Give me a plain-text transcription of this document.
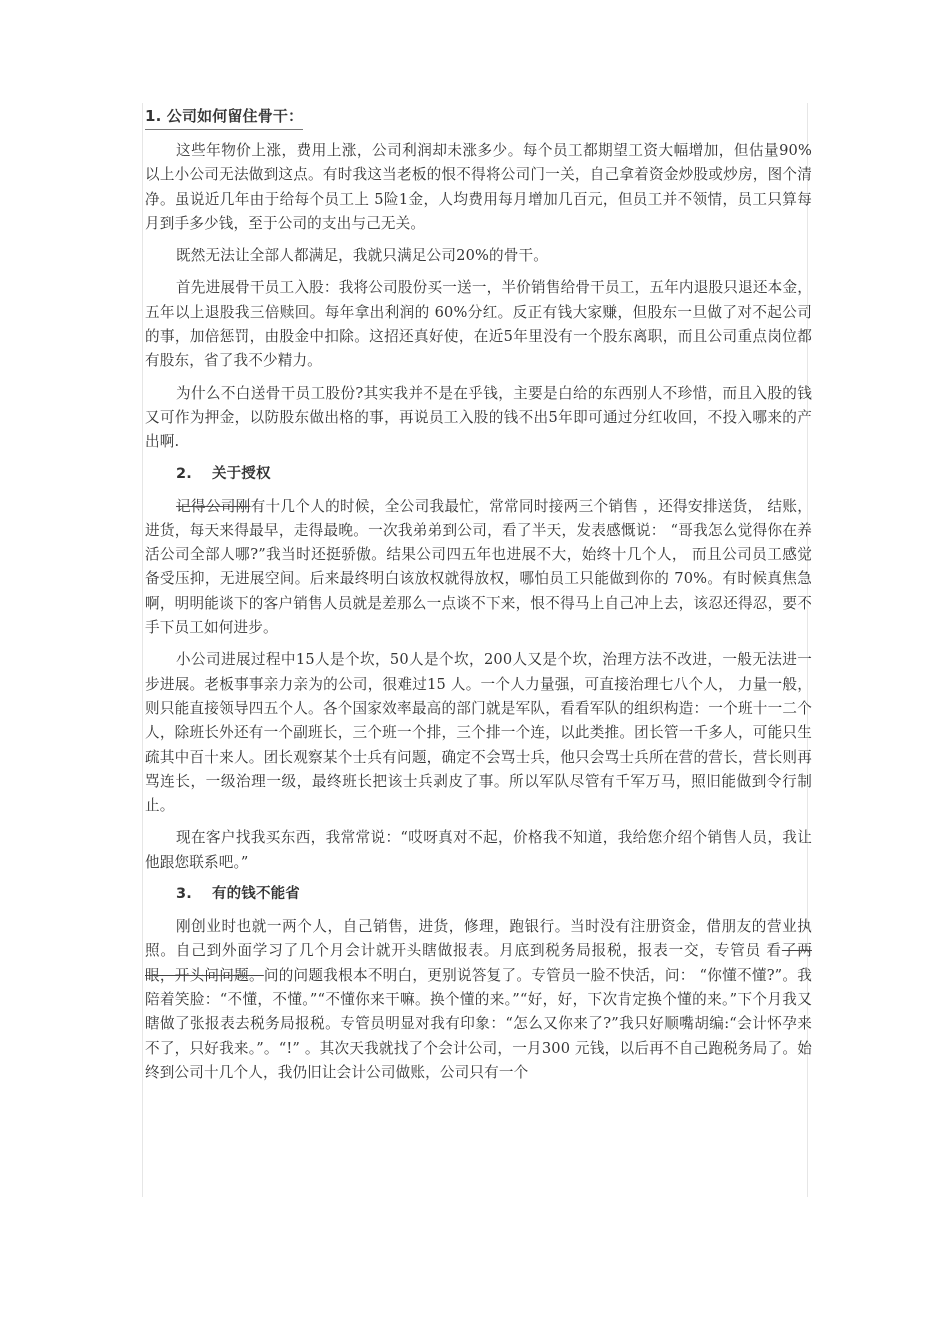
1. 公司如何留住骨干：

这些年物价上涨，费用上涨，公司利润却未涨多少。每个员工都期望工资大幅增加，但估量90%以上小公司无法做到这点。有时我这当老板的恨不得将公司门一关，自己拿着资金炒股或炒房，图个清净。虽说近几年由于给每个员工上 5险1金，人均费用每月增加几百元，但员工并不领情，员工只算每月到手多少钱，至于公司的支出与己无关。

既然无法让全部人都满足，我就只满足公司20%的骨干。

首先进展骨干员工入股：我将公司股份买一送一，半价销售给骨干员工，五年内退股只退还本金，五年以上退股我三倍赎回。每年拿出利润的 60%分红。反正有钱大家赚，但股东一旦做了对不起公司的事，加倍惩罚，由股金中扣除。这招还真好使，在近5年里没有一个股东离职，而且公司重点岗位都有股东，省了我不少精力。

为什么不白送骨干员工股份?其实我并不是在乎钱，主要是白给的东西别人不珍惜，而且入股的钱又可作为押金，以防股东做出格的事，再说员工入股的钱不出5年即可通过分红收回，不投入哪来的产出啊.

2. 关于授权

记得公司刚有十几个人的时候，全公司我最忙，常常同时接两三个销售 ，还得安排送货， 结账，进货，每天来得最早，走得最晚。一次我弟弟到公司，看了半天，发表感慨说： “哥我怎么觉得你在养活公司全部人哪?”我当时还挺骄傲。结果公司四五年也进展不大，始终十几个人， 而且公司员工感觉备受压抑，无进展空间。后来最终明白该放权就得放权，哪怕员工只能做到你的 70%。有时候真焦急啊，明明能谈下的客户销售人员就是差那么一点谈不下来，恨不得马上自己冲上去，该忍还得忍，要不手下员工如何进步。

小公司进展过程中15人是个坎，50人是个坎，200人又是个坎，治理方法不改进，一般无法进一步进展。老板事事亲力亲为的公司，很难过15 人。一个人力量强，可直接治理七八个人， 力量一般，则只能直接领导四五个人。各个国家效率最高的部门就是军队，看看军队的组织构造：一个班十一二个人，除班长外还有一个副班长，三个班一个排，三个排一个连，以此类推。团长管一千多人，可能只生疏其中百十来人。团长观察某个士兵有问题，确定不会骂士兵，他只会骂士兵所在营的营长，营长则再骂连长，一级治理一级，最终班长把该士兵剥皮了事。所以军队尽管有千军万马，照旧能做到令行制止。

现在客户找我买东西，我常常说：“哎呀真对不起，价格我不知道，我给您介绍个销售人员，我让他跟您联系吧。”

3. 有的钱不能省

刚创业时也就一两个人，自己销售，进货，修理，跑银行。当时没有注册资金，借朋友的营业执照。自己到外面学习了几个月会计就开头瞎做报表。月底到税务局报税，报表一交，专管员 看了两眼，开头问问题。问的问题我根本不明白，更别说答复了。专管员一脸不快活，问： “你懂不懂?”。我陪着笑脸：“不懂，不懂。”“不懂你来干嘛。换个懂的来。”“好，好，下次肯定换个懂的来。”下个月我又瞎做了张报表去税务局报税。专管员明显对我有印象：“怎么又你来了?”我只好顺嘴胡编:“会计怀孕来不了，只好我来。”。“!” 。其次天我就找了个会计公司，一月300 元钱，以后再不自己跑税务局了。始终到公司十几个人，我仍旧让会计公司做账，公司只有一个
